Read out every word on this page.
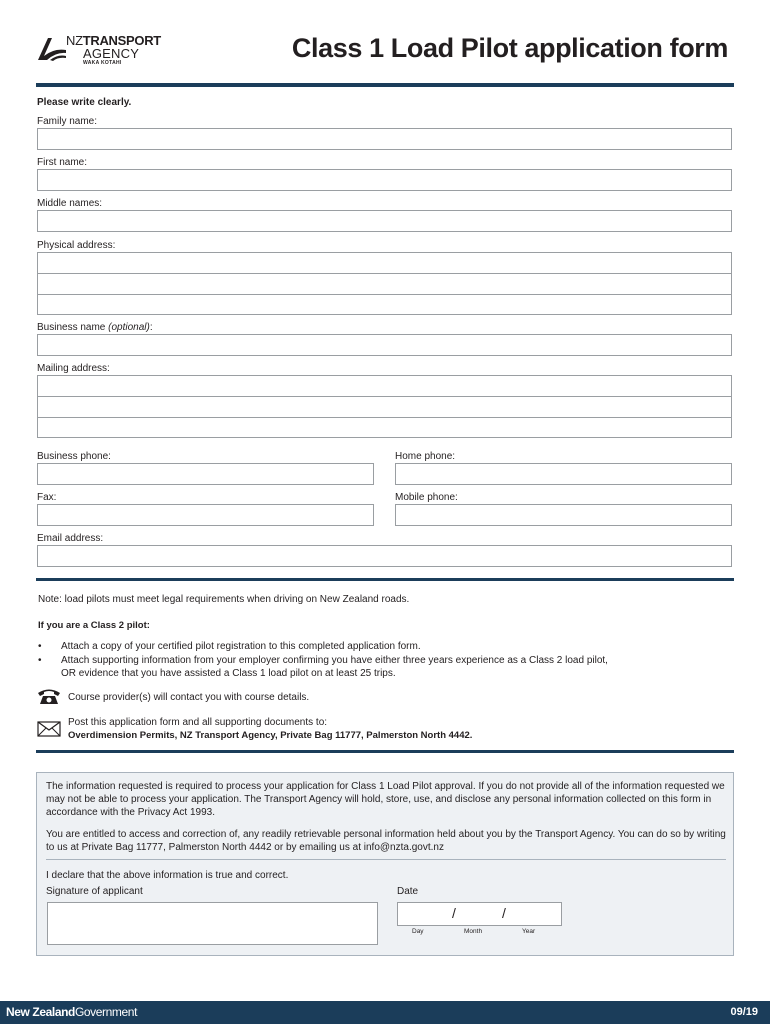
NZTRANSPORT
AGENCY
WAKA KOTAHI	Class 1 Load Pilot application form
Please write clearly.
Family name:
First name:
Middle names:
Physical address:
Business name (optional):
Mailing address:
Business phone:	Home phone:
Fax:	Mobile phone:
Email address:
Note: load pilots must meet legal requirements when driving on New Zealand roads.
If you are a Class 2 pilot:
• Attach a copy of your certified pilot registration to this completed application form.
• Attach supporting information from your employer confirming you have either three years experience as a Class 2 load pilot,
OR evidence that you have assisted a Class 1 load pilot on at least 25 trips.
Course provider(s) will contact you with course details.
Post this application form and all supporting documents to:
Overdimension Permits, NZ Transport Agency, Private Bag 11777, Palmerston North 4442.
The information requested is required to process your application for Class 1 Load Pilot approval. If you do not provide all of the information requested we may not be able to process your application. The Transport Agency will hold, store, use, and disclose any personal information collected on this form in accordance with the Privacy Act 1993.
You are entitled to access and correction of, any readily retrievable personal information held about you by the Transport Agency. You can do so by writing to us at Private Bag 11777, Palmerston North 4442 or by emailing us at info@nzta.govt.nz
I declare that the above information is true and correct.
Signature of applicant	Date
/	/
Day	Month	Year
New ZealandGovernment	09/19
